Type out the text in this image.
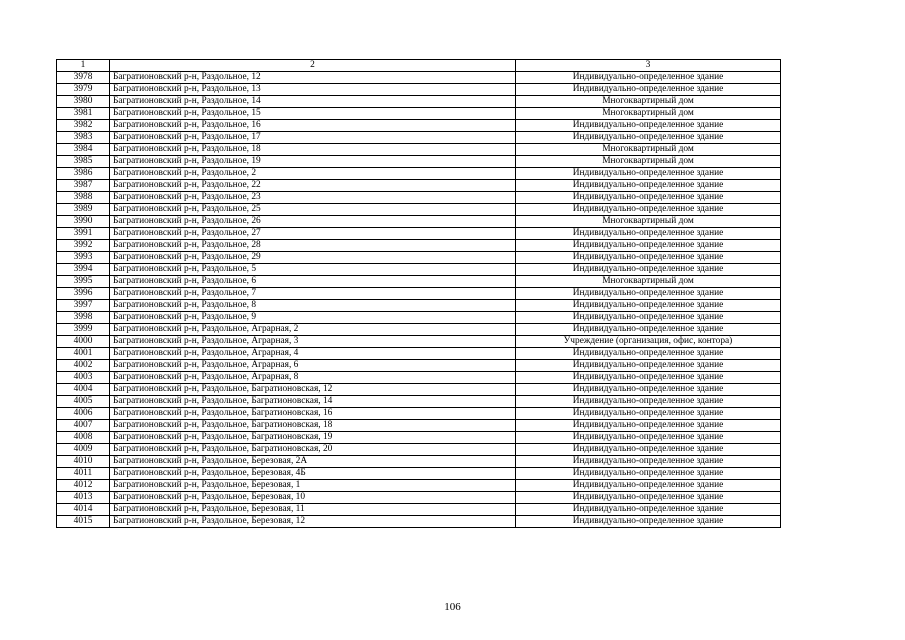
1	2	3
3978	Багратионовский р-н, Раздольное, 12	Индивидуально-определенное здание
3979	Багратионовский р-н, Раздольное, 13	Индивидуально-определенное здание
3980	Багратионовский р-н, Раздольное, 14	Многоквартирный дом
3981	Багратионовский р-н, Раздольное, 15	Многоквартирный дом
3982	Багратионовский р-н, Раздольное, 16	Индивидуально-определенное здание
3983	Багратионовский р-н, Раздольное, 17	Индивидуально-определенное здание
3984	Багратионовский р-н, Раздольное, 18	Многоквартирный дом
3985	Багратионовский р-н, Раздольное, 19	Многоквартирный дом
3986	Багратионовский р-н, Раздольное, 2	Индивидуально-определенное здание
3987	Багратионовский р-н, Раздольное, 22	Индивидуально-определенное здание
3988	Багратионовский р-н, Раздольное, 23	Индивидуально-определенное здание
3989	Багратионовский р-н, Раздольное, 25	Индивидуально-определенное здание
3990	Багратионовский р-н, Раздольное, 26	Многоквартирный дом
3991	Багратионовский р-н, Раздольное, 27	Индивидуально-определенное здание
3992	Багратионовский р-н, Раздольное, 28	Индивидуально-определенное здание
3993	Багратионовский р-н, Раздольное, 29	Индивидуально-определенное здание
3994	Багратионовский р-н, Раздольное, 5	Индивидуально-определенное здание
3995	Багратионовский р-н, Раздольное, 6	Многоквартирный дом
3996	Багратионовский р-н, Раздольное, 7	Индивидуально-определенное здание
3997	Багратионовский р-н, Раздольное, 8	Индивидуально-определенное здание
3998	Багратионовский р-н, Раздольное, 9	Индивидуально-определенное здание
3999	Багратионовский р-н, Раздольное, Аграрная, 2	Индивидуально-определенное здание
4000	Багратионовский р-н, Раздольное, Аграрная, 3	Учреждение (организация, офис, контора)
4001	Багратионовский р-н, Раздольное, Аграрная, 4	Индивидуально-определенное здание
4002	Багратионовский р-н, Раздольное, Аграрная, 6	Индивидуально-определенное здание
4003	Багратионовский р-н, Раздольное, Аграрная, 8	Индивидуально-определенное здание
4004	Багратионовский р-н, Раздольное, Багратионовская, 12	Индивидуально-определенное здание
4005	Багратионовский р-н, Раздольное, Багратионовская, 14	Индивидуально-определенное здание
4006	Багратионовский р-н, Раздольное, Багратионовская, 16	Индивидуально-определенное здание
4007	Багратионовский р-н, Раздольное, Багратионовская, 18	Индивидуально-определенное здание
4008	Багратионовский р-н, Раздольное, Багратионовская, 19	Индивидуально-определенное здание
4009	Багратионовский р-н, Раздольное, Багратионовская, 20	Индивидуально-определенное здание
4010	Багратионовский р-н, Раздольное, Березовая, 2А	Индивидуально-определенное здание
4011	Багратионовский р-н, Раздольное, Березовая, 4Б	Индивидуально-определенное здание
4012	Багратионовский р-н, Раздольное, Березовая, 1	Индивидуально-определенное здание
4013	Багратионовский р-н, Раздольное, Березовая, 10	Индивидуально-определенное здание
4014	Багратионовский р-н, Раздольное, Березовая, 11	Индивидуально-определенное здание
4015	Багратионовский р-н, Раздольное, Березовая, 12	Индивидуально-определенное здание
106
